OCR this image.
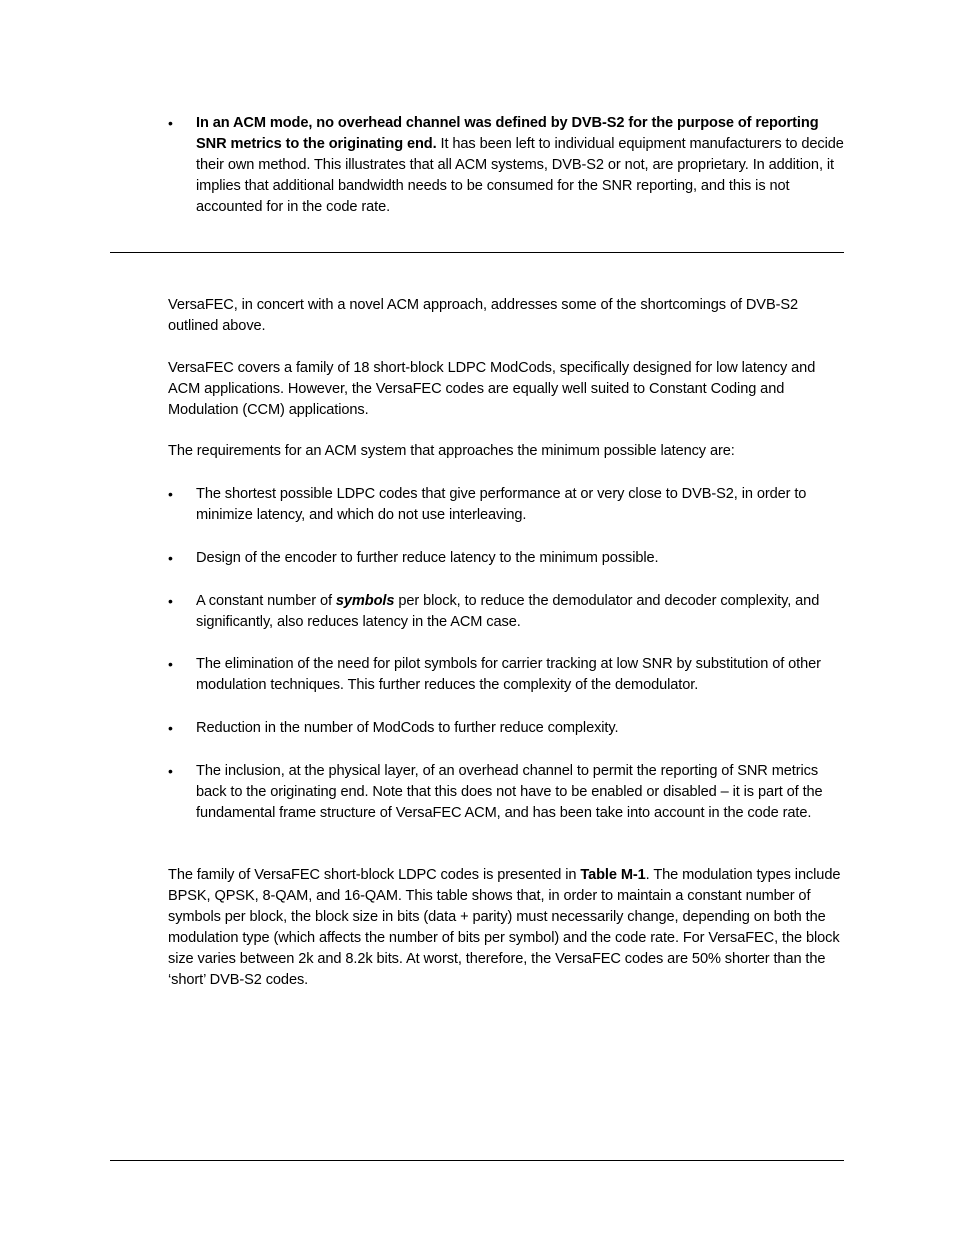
•	In an ACM mode, no overhead channel was defined by DVB-S2 for the purpose of reporting SNR metrics to the originating end. It has been left to individual equipment manufacturers to decide their own method. This illustrates that all ACM systems, DVB-S2 or not, are proprietary. In addition, it implies that additional bandwidth needs to be consumed for the SNR reporting, and this is not accounted for in the code rate.

VersaFEC, in concert with a novel ACM approach, addresses some of the shortcomings of DVB-S2 outlined above.

VersaFEC covers a family of 18 short-block LDPC ModCods, specifically designed for low latency and ACM applications. However, the VersaFEC codes are equally well suited to Constant Coding and Modulation (CCM) applications.

The requirements for an ACM system that approaches the minimum possible latency are:

•	The shortest possible LDPC codes that give performance at or very close to DVB-S2, in order to minimize latency, and which do not use interleaving.
•	Design of the encoder to further reduce latency to the minimum possible.
•	A constant number of symbols per block, to reduce the demodulator and decoder complexity, and significantly, also reduces latency in the ACM case.
•	The elimination of the need for pilot symbols for carrier tracking at low SNR by substitution of other modulation techniques. This further reduces the complexity of the demodulator.
•	Reduction in the number of ModCods to further reduce complexity.
•	The inclusion, at the physical layer, of an overhead channel to permit the reporting of SNR metrics back to the originating end. Note that this does not have to be enabled or disabled – it is part of the fundamental frame structure of VersaFEC ACM, and has been take into account in the code rate.

The family of VersaFEC short-block LDPC codes is presented in Table M-1. The modulation types include BPSK, QPSK, 8-QAM, and 16-QAM. This table shows that, in order to maintain a constant number of symbols per block, the block size in bits (data + parity) must necessarily change, depending on both the modulation type (which affects the number of bits per symbol) and the code rate. For VersaFEC, the block size varies between 2k and 8.2k bits. At worst, therefore, the VersaFEC codes are 50% shorter than the ‘short’ DVB-S2 codes.
